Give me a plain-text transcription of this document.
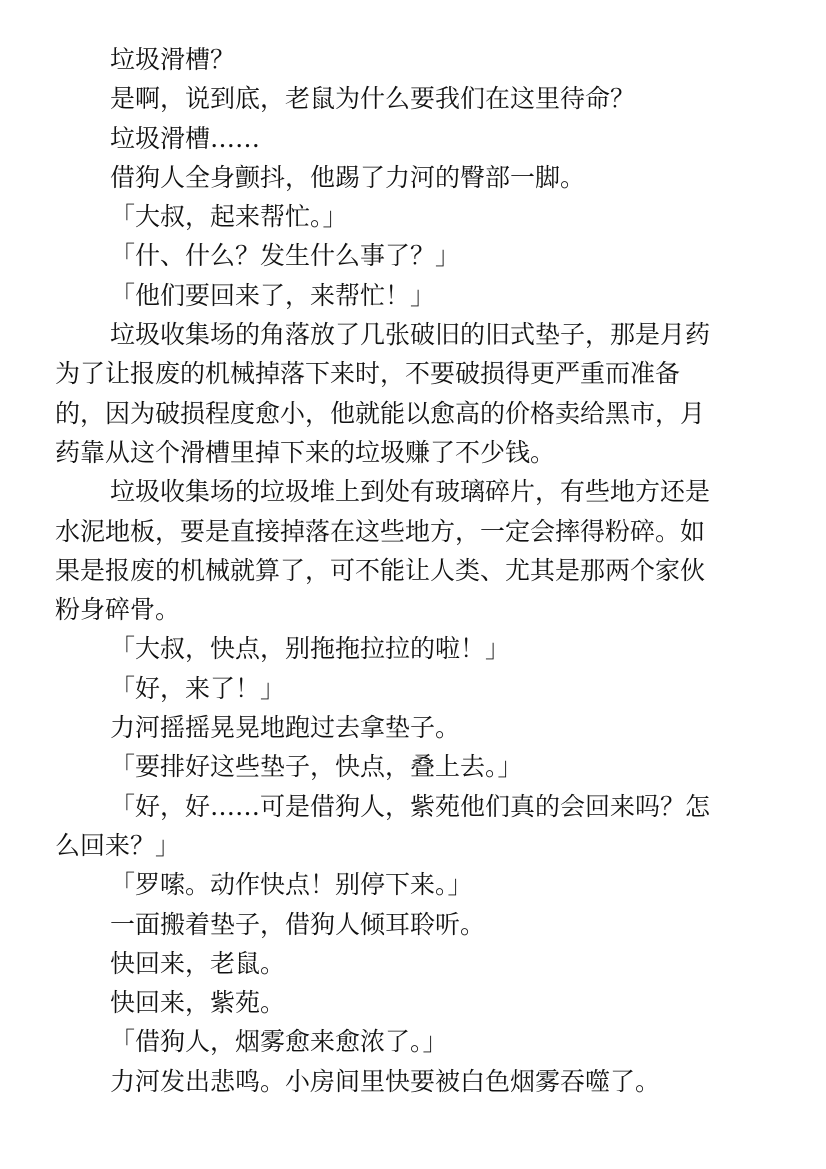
垃圾滑槽？
是啊，说到底，老鼠为什么要我们在这里待命？
垃圾滑槽……
借狗人全身颤抖，他踢了力河的臀部一脚。
「大叔，起来帮忙。」
「什、什么？发生什么事了？」
「他们要回来了，来帮忙！」
垃圾收集场的角落放了几张破旧的旧式垫子，那是月药
为了让报废的机械掉落下来时，不要破损得更严重而准备
的，因为破损程度愈小，他就能以愈高的价格卖给黑市，月
药靠从这个滑槽里掉下来的垃圾赚了不少钱。
垃圾收集场的垃圾堆上到处有玻璃碎片，有些地方还是
水泥地板，要是直接掉落在这些地方，一定会摔得粉碎。如
果是报废的机械就算了，可不能让人类、尤其是那两个家伙
粉身碎骨。
「大叔，快点，别拖拖拉拉的啦！」
「好，来了！」
力河摇摇晃晃地跑过去拿垫子。
「要排好这些垫子，快点，叠上去。」
「好，好……可是借狗人，紫苑他们真的会回来吗？怎
么回来？」
「罗嗦。动作快点！别停下来。」
一面搬着垫子，借狗人倾耳聆听。
快回来，老鼠。
快回来，紫苑。
「借狗人，烟雾愈来愈浓了。」
力河发出悲鸣。小房间里快要被白色烟雾吞噬了。
